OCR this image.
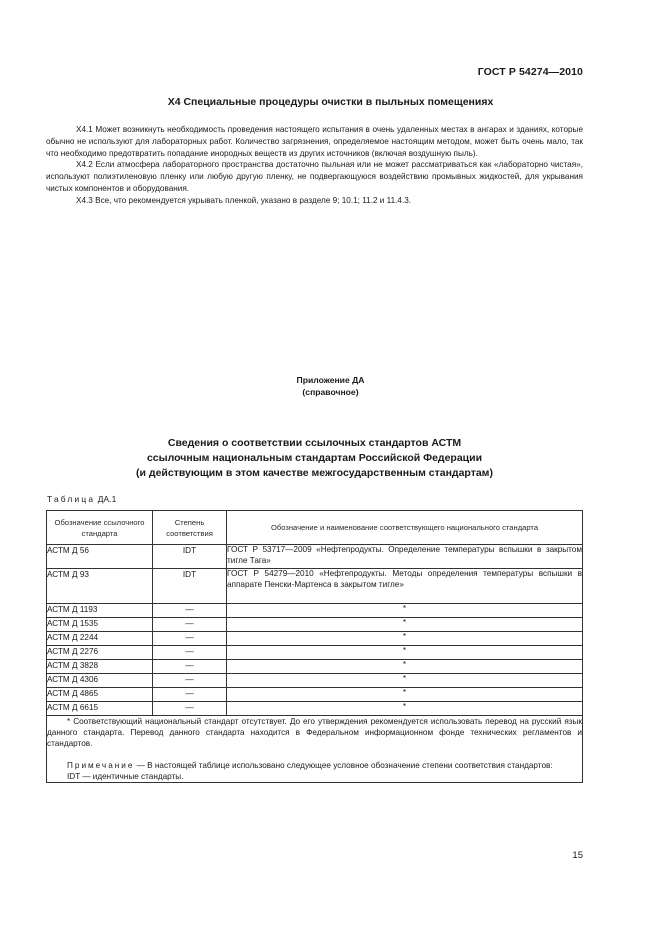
ГОСТ Р 54274—2010
Х4 Специальные процедуры очистки в пыльных помещениях

Х4.1 Может возникнуть необходимость проведения настоящего испытания в очень удаленных местах в ангарах и зданиях, которые обычно не используют для лабораторных работ. Количество загрязнения, определяемое настоящим методом, может быть очень мало, так что необходимо предотвратить попадание инородных веществ из других источников (включая воздушную пыль).

Х4.2 Если атмосфера лабораторного пространства достаточно пыльная или не может рассматриваться как «лабораторно чистая», используют полиэтиленовую пленку или любую другую пленку, не подвергающуюся воздействию промывных жидкостей, для укрывания чистых компонентов и оборудования.

Х4.3 Все, что рекомендуется укрывать пленкой, указано в разделе 9; 10.1; 11.2 и 11.4.3.

Приложение ДА
(справочное)
Сведения о соответствии ссылочных стандартов АСТМ
ссылочным национальным стандартам Российской Федерации
(и действующим в этом качестве межгосударственным стандартам)
Таблица ДА.1
Обозначение ссылочного стандарта	Степень соответствия	Обозначение и наименование соответствующего национального стандарта
АСТМ Д 56	IDT	ГОСТ Р 53717—2009 «Нефтепродукты. Определение температуры вспышки в закрытом тигле Тага»
АСТМ Д 93	IDT	ГОСТ Р 54279—2010 «Нефтепродукты. Методы определения температуры вспышки в аппарате Пенски-Мартенса в закрытом тигле»
АСТМ Д 1193	—	*
АСТМ Д 1535	—	*
АСТМ Д 2244	—	*
АСТМ Д 2276	—	*
АСТМ Д 3828	—	*
АСТМ Д 4306	—	*
АСТМ Д 4865	—	*
АСТМ Д 6615	—	*

* Соответствующий национальный стандарт отсутствует. До его утверждения рекомендуется использовать перевод на русский язык данного стандарта. Перевод данного стандарта находится в Федеральном информационном фонде технических регламентов и стандартов.

Примечание — В настоящей таблице использовано следующее условное обозначение степени соответствия стандартов:

IDT — идентичные стандарты.		

15
